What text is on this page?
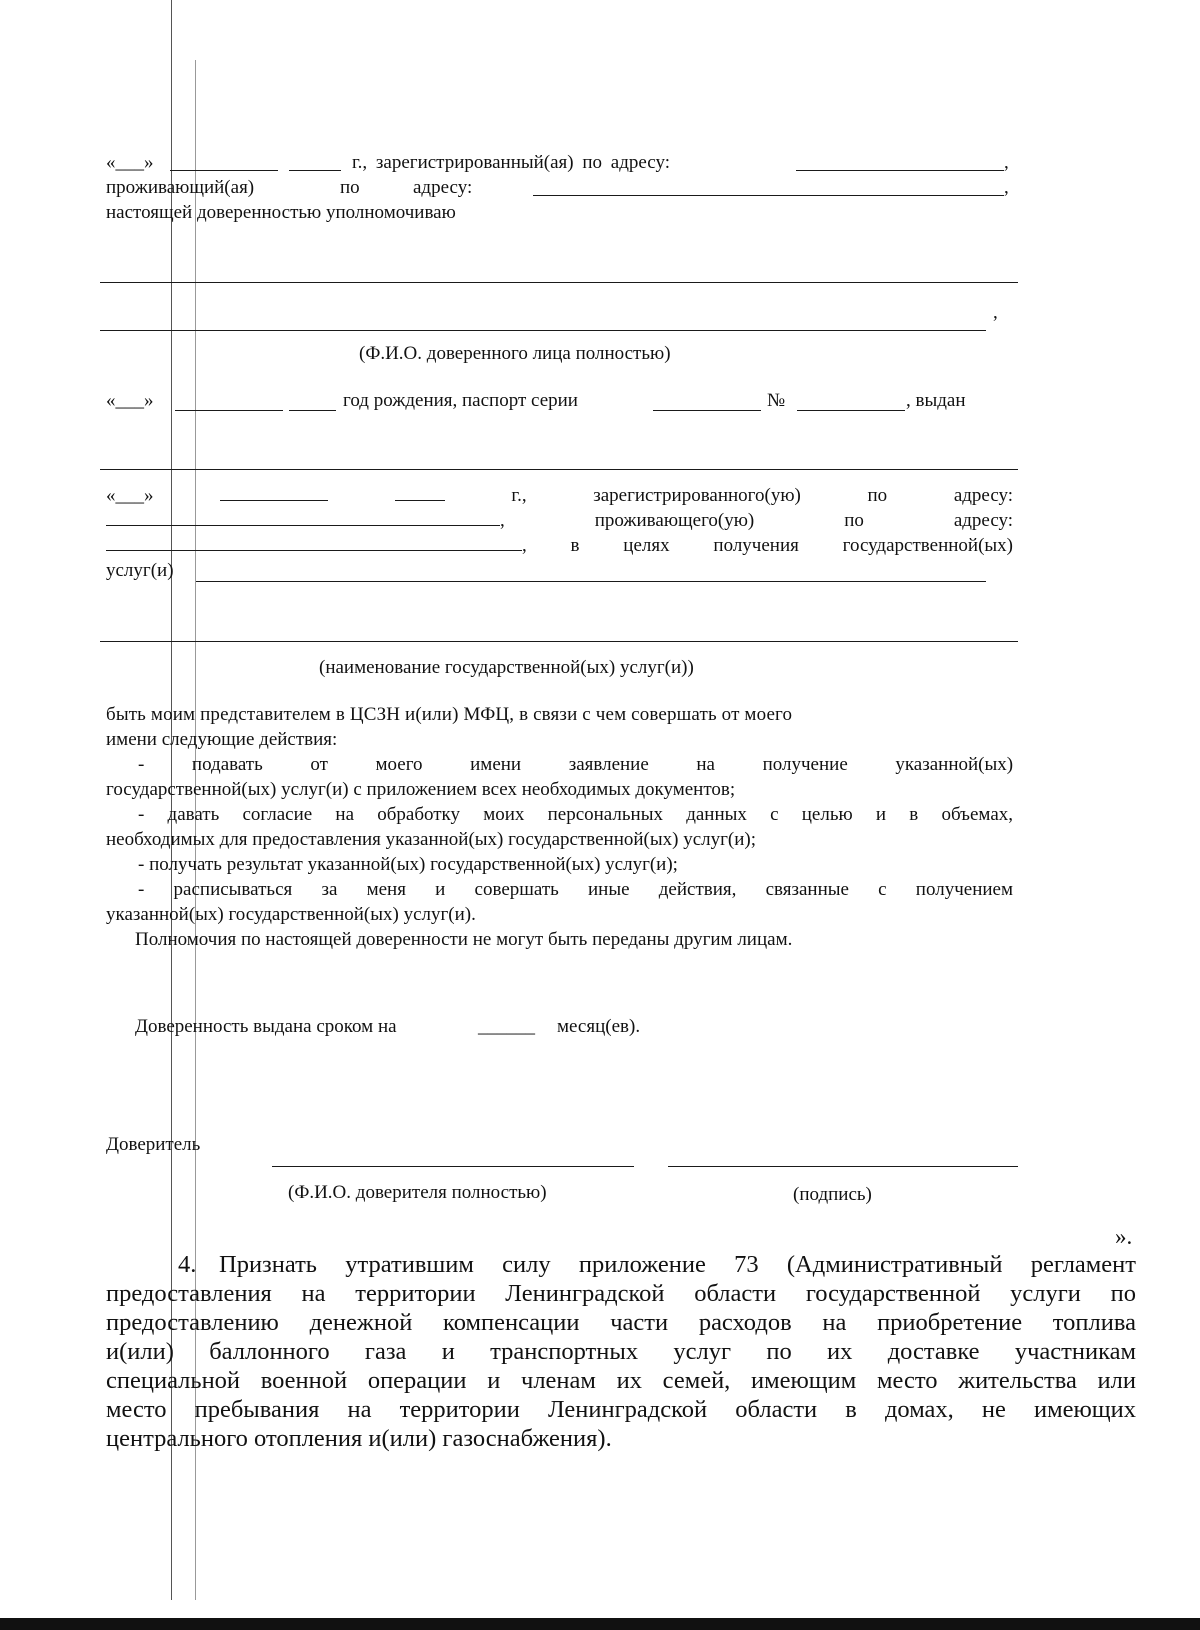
«___»	г., зарегистрированный(ая) по адресу:	,
проживающий(ая)	по	адресу:	,
настоящей доверенностью уполномочиваю
,
(Ф.И.О. доверенного лица полностью)
«___»	год рождения, паспорт серии	№	, выдан
«___»	г.,	зарегистрированного(ую)	по	адресу:
,	проживающего(ую)	по	адресу:
, в целях получения государственной(ых)
услуг(и)
(наименование государственной(ых) услуг(и))
быть моим представителем в ЦСЗН и(или) МФЦ, в связи с чем совершать от моего
имени следующие действия:
-	подавать	от	моего	имени	заявление	на	получение	указанной(ых)
государственной(ых) услуг(и) с приложением всех необходимых документов;
- давать согласие на обработку моих персональных данных с целью и в объемах,
необходимых для предоставления указанной(ых) государственной(ых) услуг(и);
- получать результат указанной(ых) государственной(ых) услуг(и);
- расписываться за меня и совершать иные действия, связанные с получением
указанной(ых) государственной(ых) услуг(и).
Полномочия по настоящей доверенности не могут быть переданы другим лицам.
Доверенность выдана сроком на	______ месяц(ев).
Доверитель
(Ф.И.О. доверителя полностью)	(подпись)
».
4. Признать утратившим силу приложение 73 (Административный регламент
предоставления на территории Ленинградской области государственной услуги по
предоставлению денежной компенсации части расходов на приобретение топлива
и(или) баллонного газа и транспортных услуг по их доставке участникам
специальной военной операции и членам их семей, имеющим место жительства или
место пребывания на территории Ленинградской области в домах, не имеющих
центрального отопления и(или) газоснабжения).
